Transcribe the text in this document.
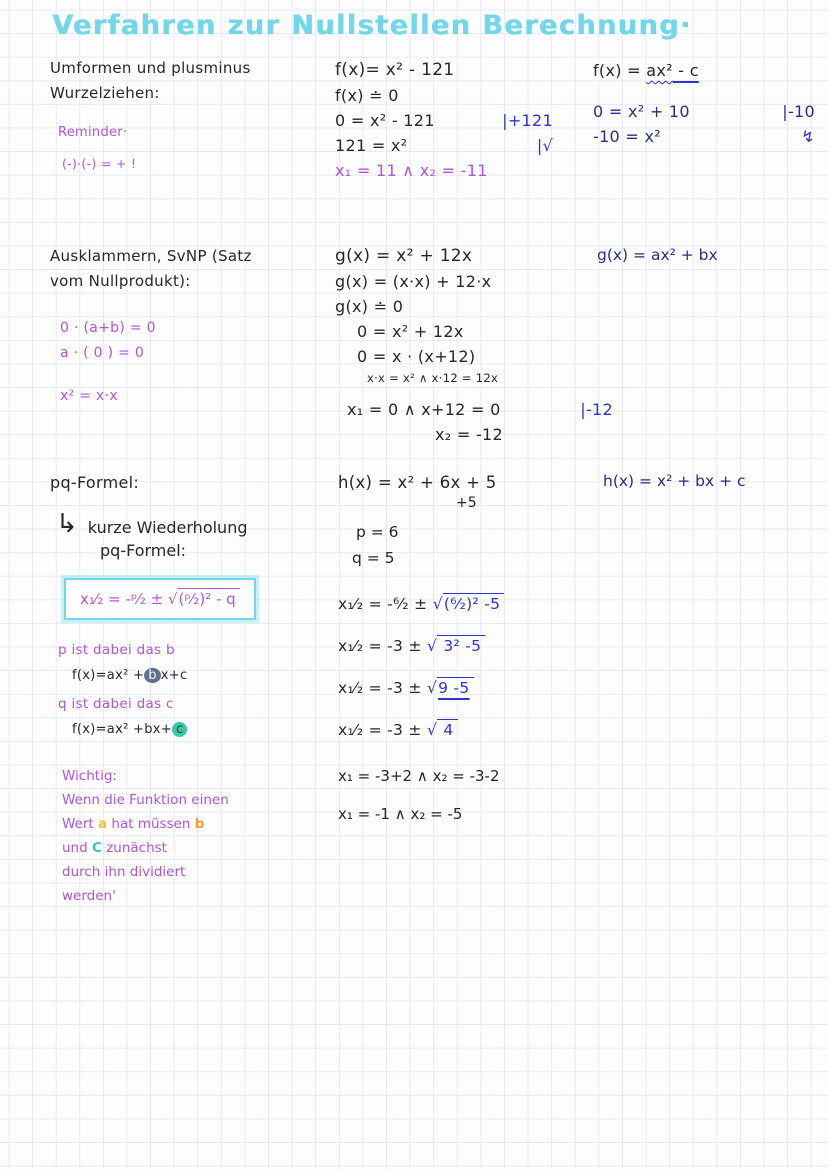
Verfahren zur Nullstellen Berechnung·
Umformen und plusminus
Wurzelziehen:
Reminder·
(-)·(-) = + !
f(x)= x² - 121
f(x) ≐ 0
0 = x² - 121	|+121
121 = x²	|√
x₁ = 11 ∧ x₂ = -11
f(x) = ax² - c
0 = x² + 10	|-10
-10 = x²	↯
Ausklammern, SvNP (Satz
vom Nullprodukt):
0 · (a+b) = 0
a · ( 0 ) = 0
x² = x·x
g(x) = x² + 12x
g(x) = (x·x) + 12·x
g(x) ≐ 0
0 = x² + 12x
0 = x · (x+12)
x·x = x² ∧ x·12 = 12x
x₁ = 0 ∧ x+12 = 0	|-12
x₂ = -12
g(x) = ax² + bx
pq-Formel:
↳ kurze Wiederholung
pq-Formel:
x₁⁄₂ = -ᵖ⁄₂ ± √(ᵖ⁄₂)² - q
p ist dabei das b
f(x)=ax² + b x+c
q ist dabei das c
f(x)=ax² +bx+ c
Wichtig:
Wenn die Funktion einen
Wert a hat müssen b
und C zunächst
durch ihn dividiert
werden'
h(x) = x² + 6x + 5
+5
p = 6
q = 5
x₁⁄₂ = -⁶⁄₂ ± √(⁶⁄₂)² -5
x₁⁄₂ = -3 ± √ 3² -5
x₁⁄₂ = -3 ± √9 -5
x₁⁄₂ = -3 ± √ 4
x₁ = -3+2 ∧ x₂ = -3-2
x₁ = -1 ∧ x₂ = -5
h(x) = x² + bx + c
